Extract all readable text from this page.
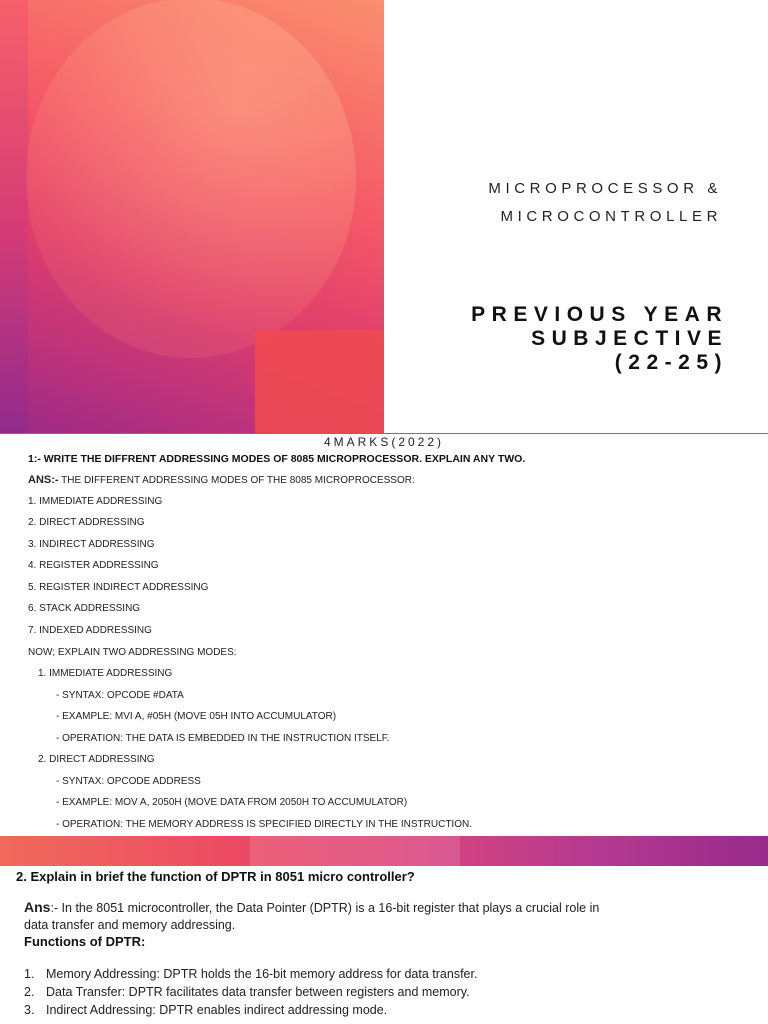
MICROPROCESSOR &
MICROCONTROLLER
PREVIOUS YEAR
SUBJECTIVE
(22-25)
4MARKS(2022)
1:- WRITE THE DIFFRENT ADDRESSING MODES OF 8085 MICROPROCESSOR. EXPLAIN ANY TWO.
ANS:- THE DIFFERENT ADDRESSING MODES OF THE 8085 MICROPROCESSOR:
1. IMMEDIATE ADDRESSING
2. DIRECT ADDRESSING
3. INDIRECT ADDRESSING
4. REGISTER ADDRESSING
5. REGISTER INDIRECT ADDRESSING
6. STACK ADDRESSING
7. INDEXED ADDRESSING
NOW; EXPLAIN TWO ADDRESSING MODES:
1. IMMEDIATE ADDRESSING
- SYNTAX: OPCODE #DATA
- EXAMPLE: MVI A, #05H (MOVE 05H INTO ACCUMULATOR)
- OPERATION: THE DATA IS EMBEDDED IN THE INSTRUCTION ITSELF.
2. DIRECT ADDRESSING
- SYNTAX: OPCODE ADDRESS
- EXAMPLE: MOV A, 2050H (MOVE DATA FROM 2050H TO ACCUMULATOR)
- OPERATION: THE MEMORY ADDRESS IS SPECIFIED DIRECTLY IN THE INSTRUCTION.
2. Explain in brief the function of DPTR in 8051 micro controller?
Ans:- In the 8051 microcontroller, the Data Pointer (DPTR) is a 16-bit register that plays a crucial role in data transfer and memory addressing.
Functions of DPTR:
1. Memory Addressing: DPTR holds the 16-bit memory address for data transfer.
2. Data Transfer: DPTR facilitates data transfer between registers and memory.
3. Indirect Addressing: DPTR enables indirect addressing mode.
